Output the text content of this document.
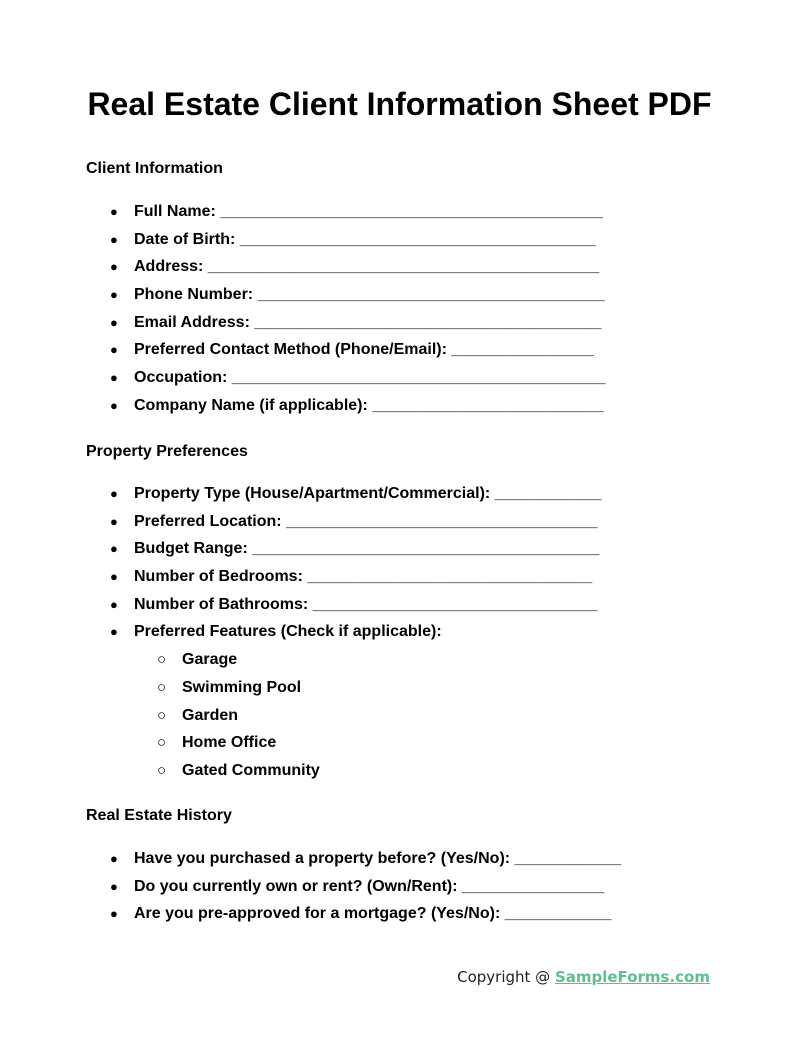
Real Estate Client Information Sheet PDF
Client Information
● Full Name: ___________________________________________
● Date of Birth: ________________________________________
● Address: ____________________________________________
● Phone Number: _______________________________________
● Email Address: _______________________________________
● Preferred Contact Method (Phone/Email): ________________
● Occupation: __________________________________________
● Company Name (if applicable): __________________________
Property Preferences
● Property Type (House/Apartment/Commercial): ____________
● Preferred Location: ___________________________________
● Budget Range: _______________________________________
● Number of Bedrooms: ________________________________
● Number of Bathrooms: ________________________________
● Preferred Features (Check if applicable):
○ Garage
○ Swimming Pool
○ Garden
○ Home Office
○ Gated Community
Real Estate History
● Have you purchased a property before? (Yes/No): ____________
● Do you currently own or rent? (Own/Rent): ________________
● Are you pre-approved for a mortgage? (Yes/No): ____________
Copyright @ SampleForms.com
